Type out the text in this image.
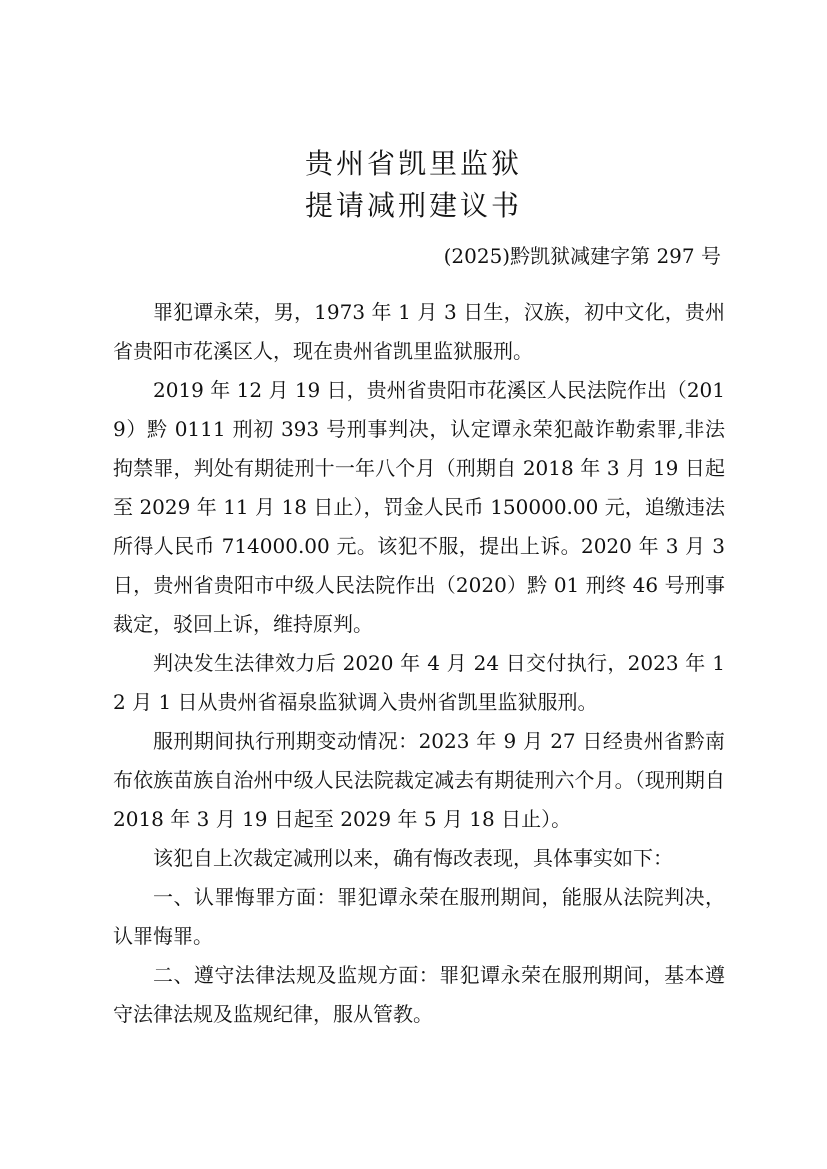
贵州省凯里监狱
提请减刑建议书
(2025)黔凯狱减建字第 297 号

罪犯谭永荣，男，1973 年 1 月 3 日生，汉族，初中文化，贵州省贵阳市花溪区人，现在贵州省凯里监狱服刑。

2019 年 12 月 19 日，贵州省贵阳市花溪区人民法院作出（2019）黔 0111 刑初 393 号刑事判决，认定谭永荣犯敲诈勒索罪,非法拘禁罪，判处有期徒刑十一年八个月（刑期自 2018 年 3 月 19 日起至 2029 年 11 月 18 日止），罚金人民币 150000.00 元，追缴违法所得人民币 714000.00 元。该犯不服，提出上诉。2020 年 3 月 3 日，贵州省贵阳市中级人民法院作出（2020）黔 01 刑终 46 号刑事裁定，驳回上诉，维持原判。

判决发生法律效力后 2020 年 4 月 24 日交付执行，2023 年 12 月 1 日从贵州省福泉监狱调入贵州省凯里监狱服刑。

服刑期间执行刑期变动情况：2023 年 9 月 27 日经贵州省黔南布依族苗族自治州中级人民法院裁定减去有期徒刑六个月。（现刑期自 2018 年 3 月 19 日起至 2029 年 5 月 18 日止）。

该犯自上次裁定减刑以来，确有悔改表现，具体事实如下：

一、认罪悔罪方面：罪犯谭永荣在服刑期间，能服从法院判决，认罪悔罪。

二、遵守法律法规及监规方面：罪犯谭永荣在服刑期间，基本遵守法律法规及监规纪律，服从管教。
